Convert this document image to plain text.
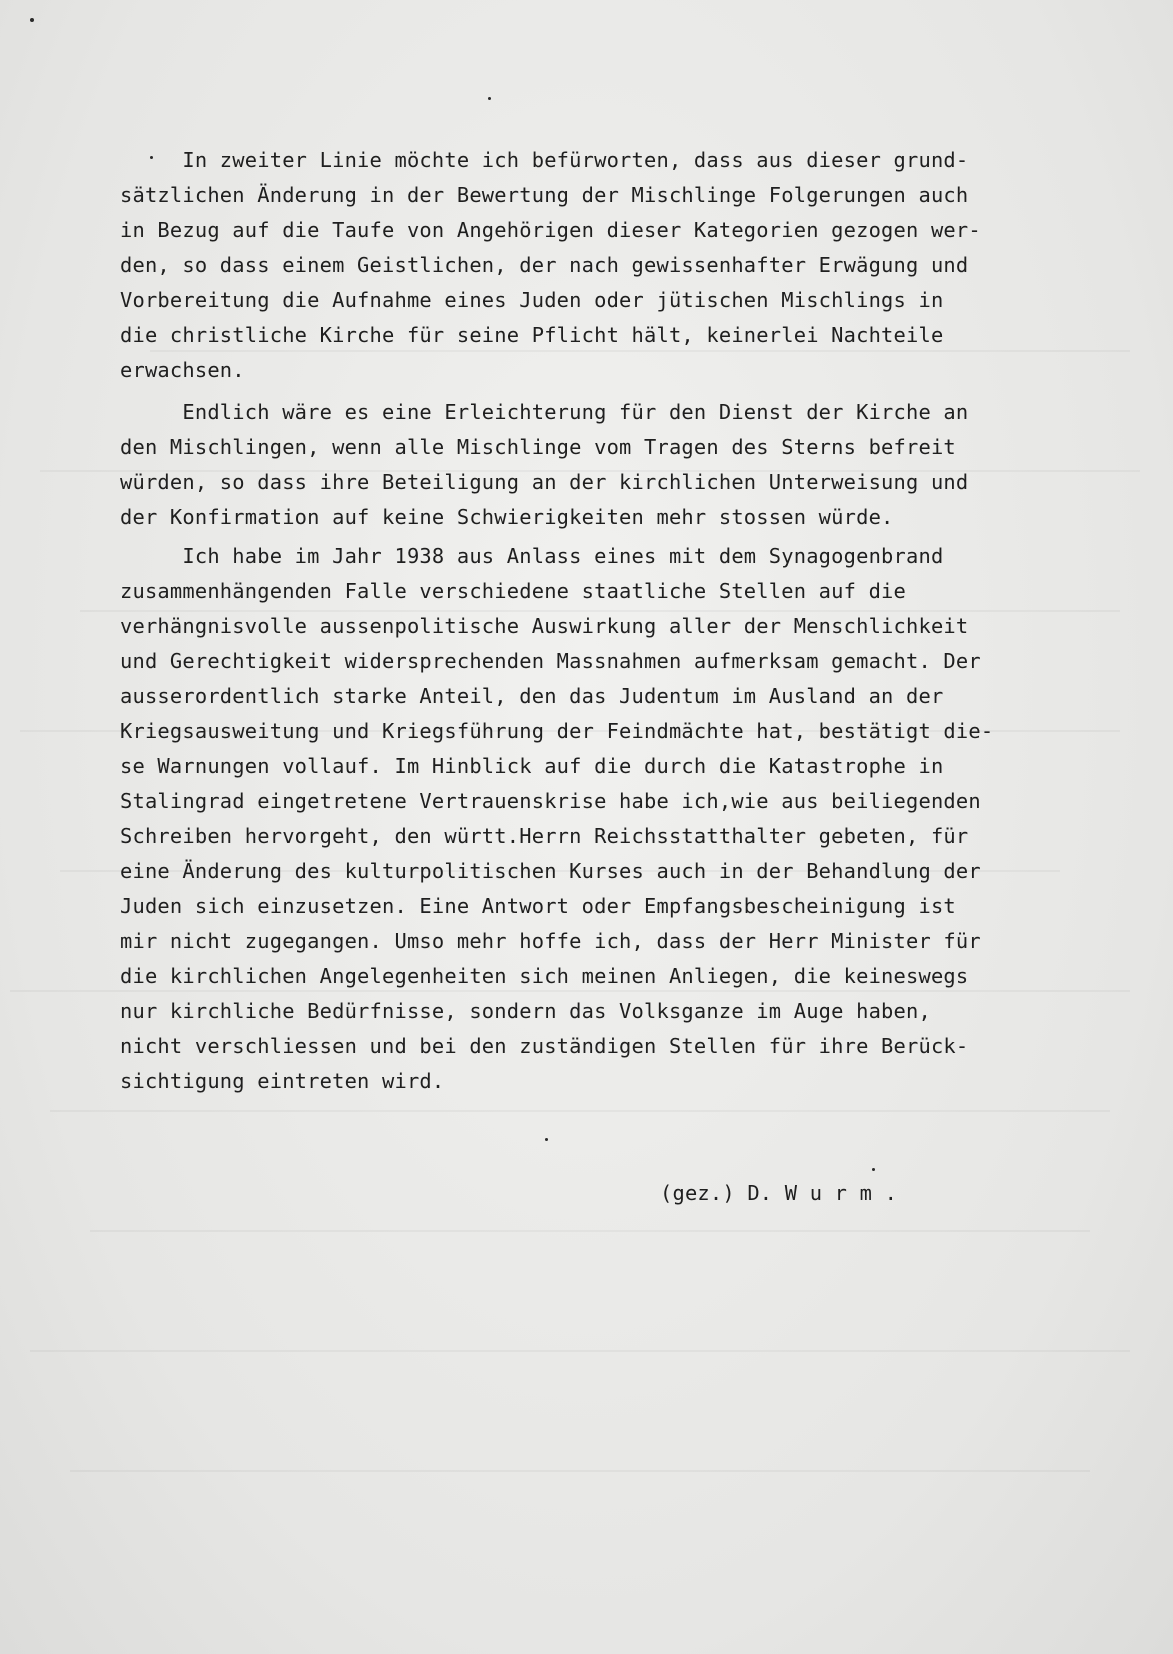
In zweiter Linie möchte ich befürworten, dass aus dieser grund-
sätzlichen Änderung in der Bewertung der Mischlinge Folgerungen auch
in Bezug auf die Taufe von Angehörigen dieser Kategorien gezogen wer-
den, so dass einem Geistlichen, der nach gewissenhafter Erwägung und
Vorbereitung die Aufnahme eines Juden oder jütischen Mischlings in
die christliche Kirche für seine Pflicht hält, keinerlei Nachteile
erwachsen.
Endlich wäre es eine Erleichterung für den Dienst der Kirche an
den Mischlingen, wenn alle Mischlinge vom Tragen des Sterns befreit
würden, so dass ihre Beteiligung an der kirchlichen Unterweisung und
der Konfirmation auf keine Schwierigkeiten mehr stossen würde.
Ich habe im Jahr 1938 aus Anlass eines mit dem Synagogenbrand
zusammenhängenden Falle verschiedene staatliche Stellen auf die
verhängnisvolle aussenpolitische Auswirkung aller der Menschlichkeit
und Gerechtigkeit widersprechenden Massnahmen aufmerksam gemacht. Der
ausserordentlich starke Anteil, den das Judentum im Ausland an der
Kriegsausweitung und Kriegsführung der Feindmächte hat, bestätigt die-
se Warnungen vollauf. Im Hinblick auf die durch die Katastrophe in
Stalingrad eingetretene Vertrauenskrise habe ich,wie aus beiliegenden
Schreiben hervorgeht, den württ.Herrn Reichsstatthalter gebeten, für
eine Änderung des kulturpolitischen Kurses auch in der Behandlung der
Juden sich einzusetzen. Eine Antwort oder Empfangsbescheinigung ist
mir nicht zugegangen. Umso mehr hoffe ich, dass der Herr Minister für
die kirchlichen Angelegenheiten sich meinen Anliegen, die keineswegs
nur kirchliche Bedürfnisse, sondern das Volksganze im Auge haben,
nicht verschliessen und bei den zuständigen Stellen für ihre Berück-
sichtigung eintreten wird.
(gez.) D. W u r m .
